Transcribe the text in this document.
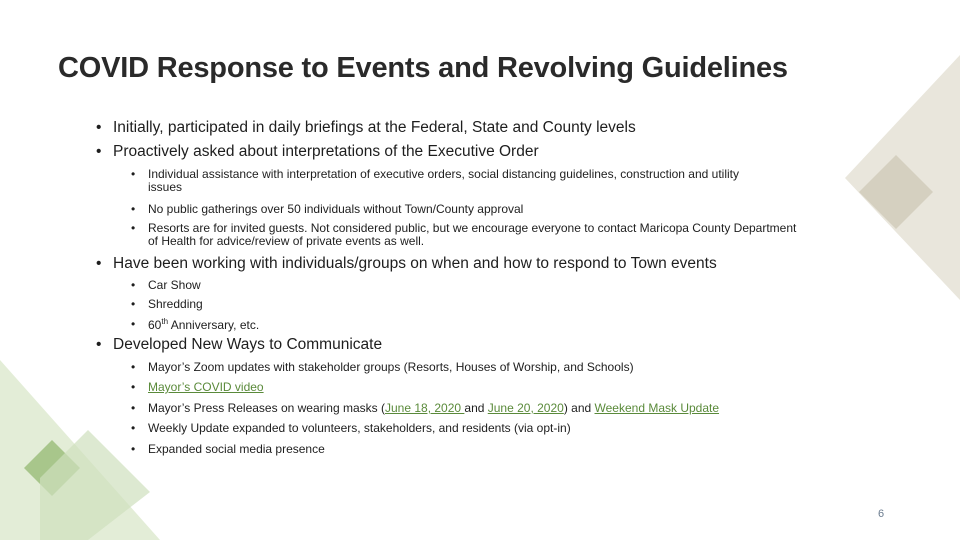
COVID Response to Events and Revolving Guidelines
• Initially, participated in daily briefings at the Federal, State and County levels
• Proactively asked about interpretations of the Executive Order
• Individual assistance with interpretation of executive orders, social distancing guidelines, construction and utility
issues
• No public gatherings over 50 individuals without Town/County approval
• Resorts are for invited guests. Not considered public, but we encourage everyone to contact Maricopa County Department
of Health for advice/review of private events as well.
• Have been working with individuals/groups on when and how to respond to Town events
• Car Show
• Shredding
• 60th Anniversary, etc.
• Developed New Ways to Communicate
• Mayor’s Zoom updates with stakeholder groups (Resorts, Houses of Worship, and Schools)
• Mayor’s COVID video
• Mayor’s Press Releases on wearing masks (June 18, 2020 and June 20, 2020) and Weekend Mask Update
• Weekly Update expanded to volunteers, stakeholders, and residents (via opt-in)
• Expanded social media presence
6
